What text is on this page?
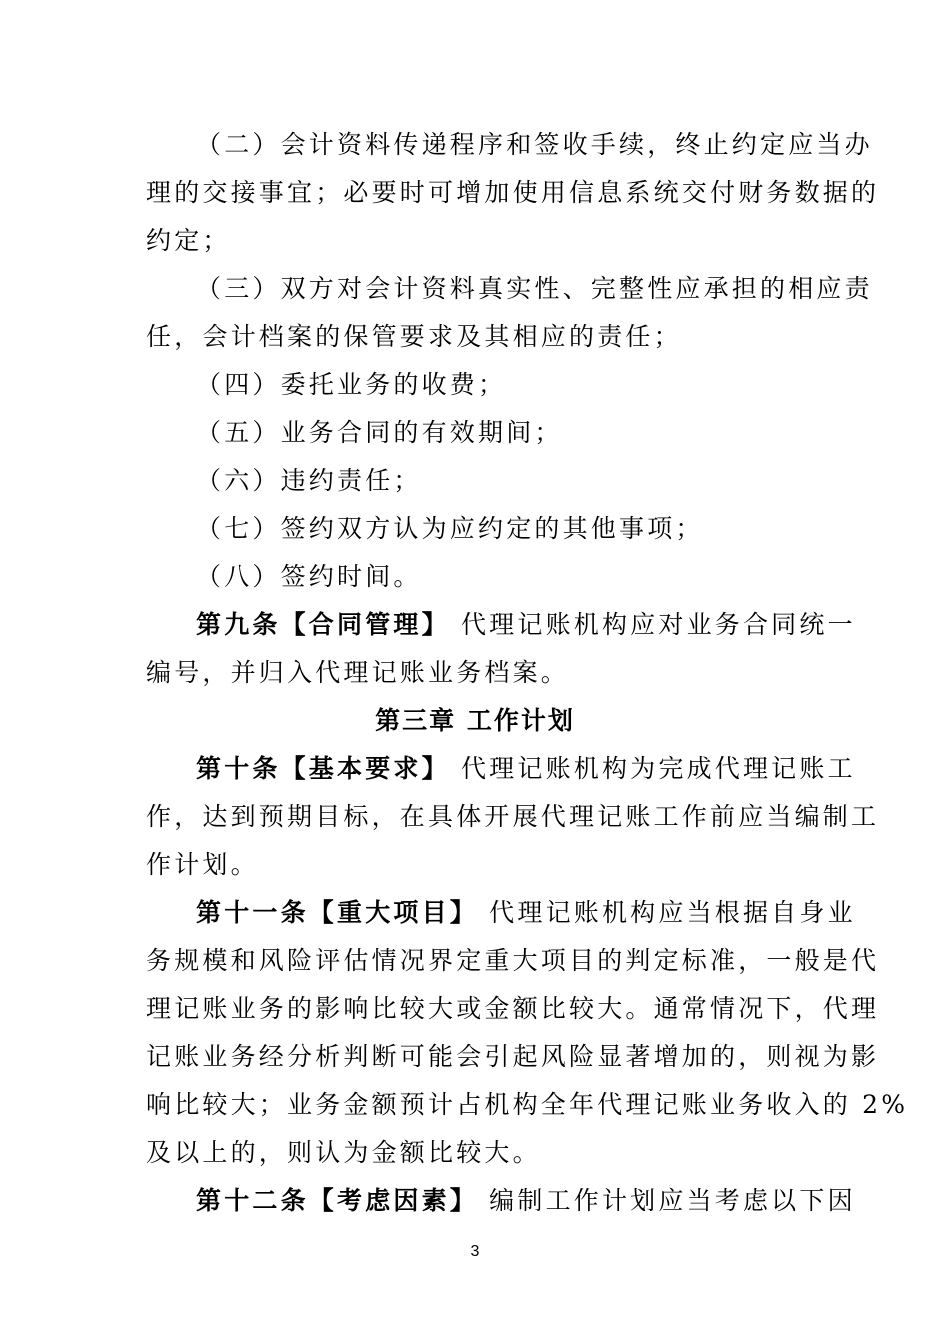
（二）会计资料传递程序和签收手续，终止约定应当办
理的交接事宜；必要时可增加使用信息系统交付财务数据的
约定；
（三）双方对会计资料真实性、完整性应承担的相应责
任，会计档案的保管要求及其相应的责任；
（四）委托业务的收费；
（五）业务合同的有效期间；
（六）违约责任；
（七）签约双方认为应约定的其他事项；
（八）签约时间。
第九条【合同管理】 代理记账机构应对业务合同统一
编号，并归入代理记账业务档案。
第三章 工作计划
第十条【基本要求】 代理记账机构为完成代理记账工
作，达到预期目标，在具体开展代理记账工作前应当编制工
作计划。
第十一条【重大项目】 代理记账机构应当根据自身业
务规模和风险评估情况界定重大项目的判定标准，一般是代
理记账业务的影响比较大或金额比较大。通常情况下，代理
记账业务经分析判断可能会引起风险显著增加的，则视为影
响比较大；业务金额预计占机构全年代理记账业务收入的 2%
及以上的，则认为金额比较大。
第十二条【考虑因素】 编制工作计划应当考虑以下因
3
